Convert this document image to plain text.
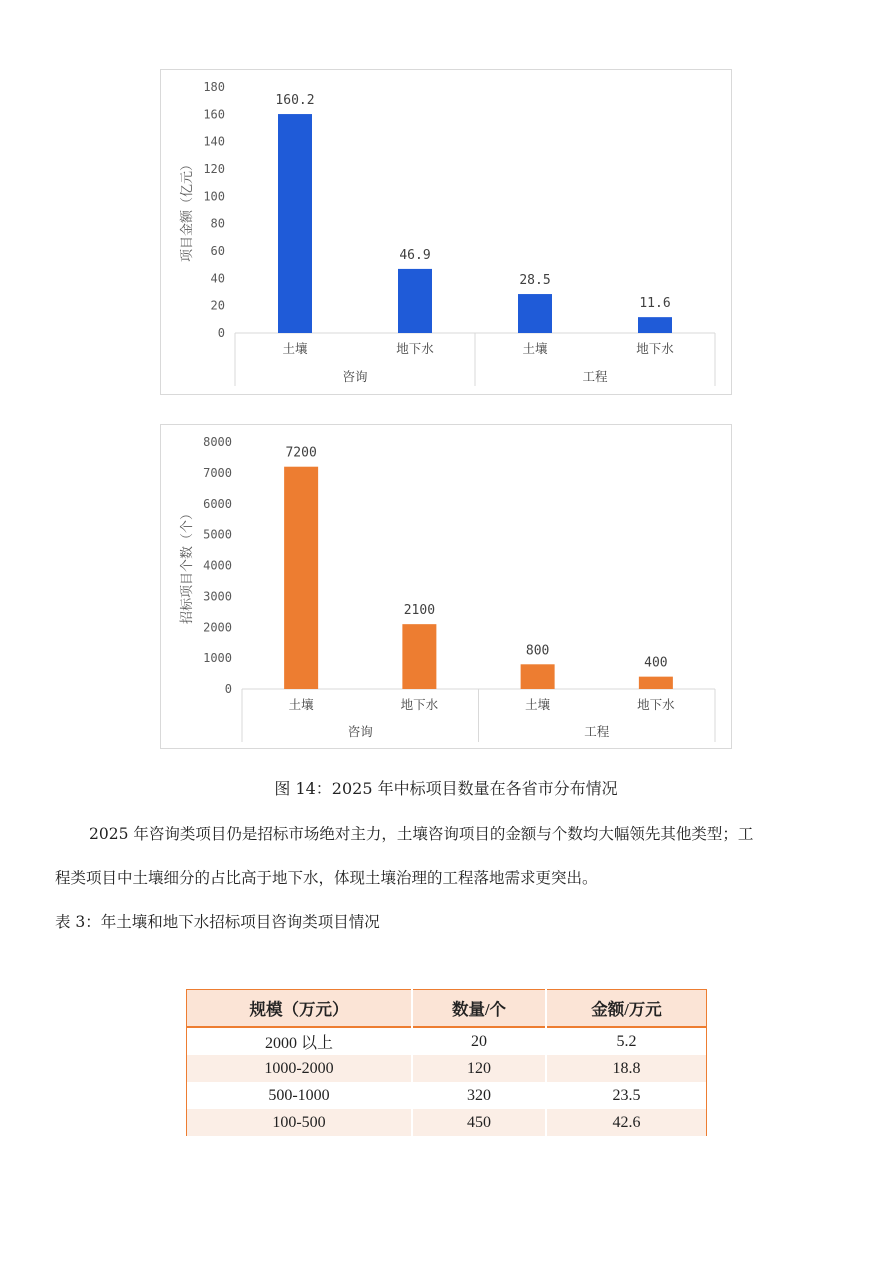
0
20
40
60
80
100
120
140
160
180
项目金额（亿元）
160.2
土壤
46.9
地下水
28.5
土壤
11.6
地下水
咨询	工程
0
1000
2000
3000
4000
5000
6000
7000
8000
招标项目个数（个）
7200
土壤
2100
地下水
800
土壤
400
地下水
咨询	工程
图 14：2025 年中标项目数量在各省市分布情况
2025 年咨询类项目仍是招标市场绝对主力，土壤咨询项目的金额与个数均大幅领先其他类型；工
程类项目中土壤细分的占比高于地下水，体现土壤治理的工程落地需求更突出。
表 3：年土壤和地下水招标项目咨询类项目情况
规模（万元）	数量/个	金额/万元
2000 以上	20	5.2
1000-2000	120	18.8
500-1000	320	23.5
100-500	450	42.6
